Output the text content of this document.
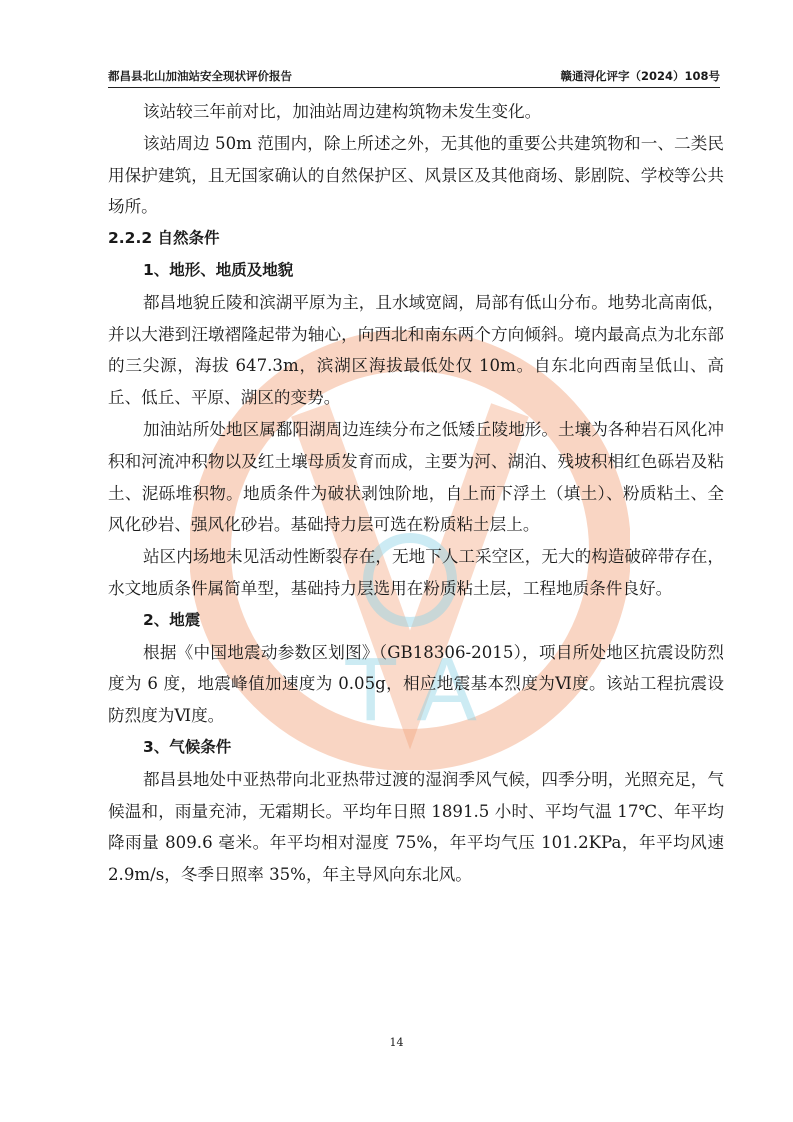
T A
都昌县北山加油站安全现状评价报告	赣通浔化评字（2024）108号

该站较三年前对比，加油站周边建构筑物未发生变化。

该站周边 50m 范围内，除上所述之外，无其他的重要公共建筑物和一、二类民用保护建筑，且无国家确认的自然保护区、风景区及其他商场、影剧院、学校等公共场所。

2.2.2 自然条件

1、地形、地质及地貌

都昌地貌丘陵和滨湖平原为主，且水域宽阔，局部有低山分布。地势北高南低，并以大港到汪墩褶隆起带为轴心，向西北和南东两个方向倾斜。境内最高点为北东部的三尖源，海拔 647.3m，滨湖区海拔最低处仅 10m。自东北向西南呈低山、高丘、低丘、平原、湖区的变势。

加油站所处地区属鄱阳湖周边连续分布之低矮丘陵地形。土壤为各种岩石风化冲积和河流冲积物以及红土壤母质发育而成，主要为河、湖泊、残坡积相红色砾岩及粘土、泥砾堆积物。地质条件为破状剥蚀阶地，自上而下浮土（填土）、粉质粘土、全风化砂岩、强风化砂岩。基础持力层可选在粉质粘土层上。

站区内场地未见活动性断裂存在，无地下人工采空区，无大的构造破碎带存在，水文地质条件属简单型，基础持力层选用在粉质粘土层，工程地质条件良好。

2、地震

根据《中国地震动参数区划图》（GB18306-2015），项目所处地区抗震设防烈度为 6 度，地震峰值加速度为 0.05g，相应地震基本烈度为Ⅵ度。该站工程抗震设防烈度为Ⅵ度。

3、气候条件

都昌县地处中亚热带向北亚热带过渡的湿润季风气候，四季分明，光照充足，气候温和，雨量充沛，无霜期长。平均年日照 1891.5 小时、平均气温 17℃、年平均降雨量 809.6 毫米。年平均相对湿度 75%，年平均气压 101.2KPa，年平均风速 2.9m/s，冬季日照率 35%，年主导风向东北风。

14
